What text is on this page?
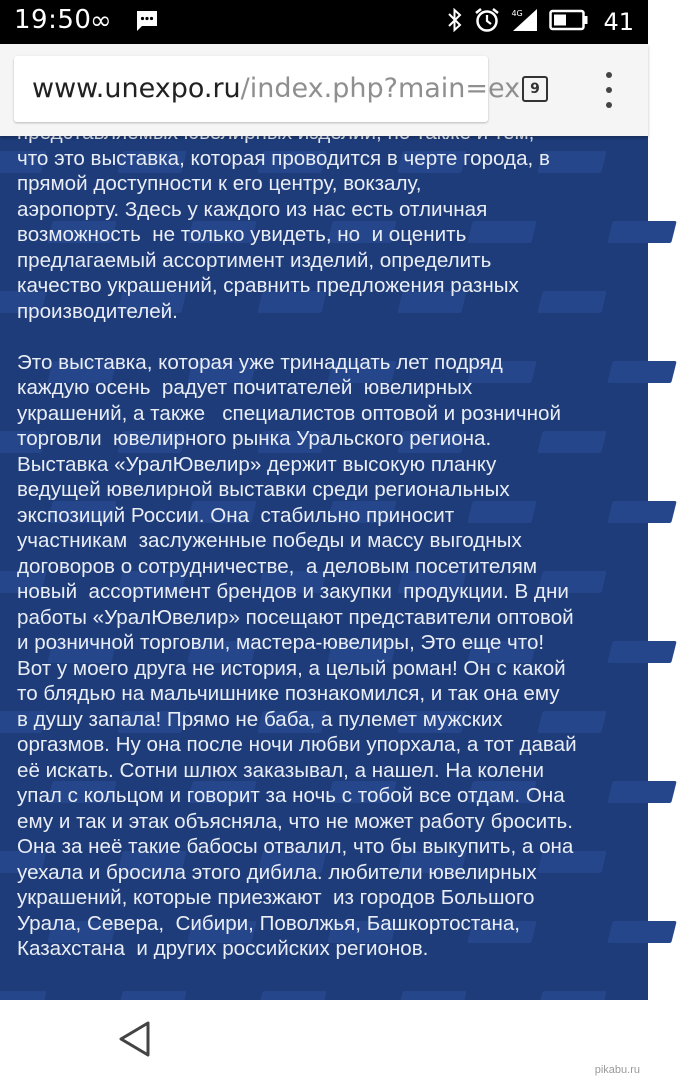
19:50
∞	4G	41
www.unexpo.ru/index.php?main=ex 9
что это выставка, которая проводится в черте города, в
прямой доступности к его центру, вокзалу,
аэропорту. Здесь у каждого из нас есть отличная
возможность  не только увидеть, но  и оценить
предлагаемый ассортимент изделий, определить
качество украшений, сравнить предложения разных
производителей.
Это выставка, которая уже тринадцать лет подряд
каждую осень  радует почитателей  ювелирных
украшений, а также   специалистов оптовой и розничной
торговли  ювелирного рынка Уральского региона.
Выставка «УралЮвелир» держит высокую планку
ведущей ювелирной выставки среди региональных
экспозиций России. Она  стабильно приносит
участникам  заслуженные победы и массу выгодных
договоров о сотрудничестве,  а деловым посетителям
новый  ассортимент брендов и закупки  продукции. В дни
работы «УралЮвелир» посещают представители оптовой
и розничной торговли, мастера-ювелиры, Это еще что!
Вот у моего друга не история, а целый роман! Он с какой
то блядью на мальчишнике познакомился, и так она ему
в душу запала! Прямо не баба, а пулемет мужских
оргазмов. Ну она после ночи любви упорхала, а тот давай
её искать. Сотни шлюх заказывал, а нашел. На колени
упал с кольцом и говорит за ночь с тобой все отдам. Она
ему и так и этак объясняла, что не может работу бросить.
Она за неё такие бабосы отвалил, что бы выкупить, а она
уехала и бросила этого дибила. любители ювелирных
украшений, которые приезжают  из городов Большого
Урала, Севера,  Сибири, Поволжья, Башкортостана,
Казахстана  и других российских регионов.
pikabu.ru
